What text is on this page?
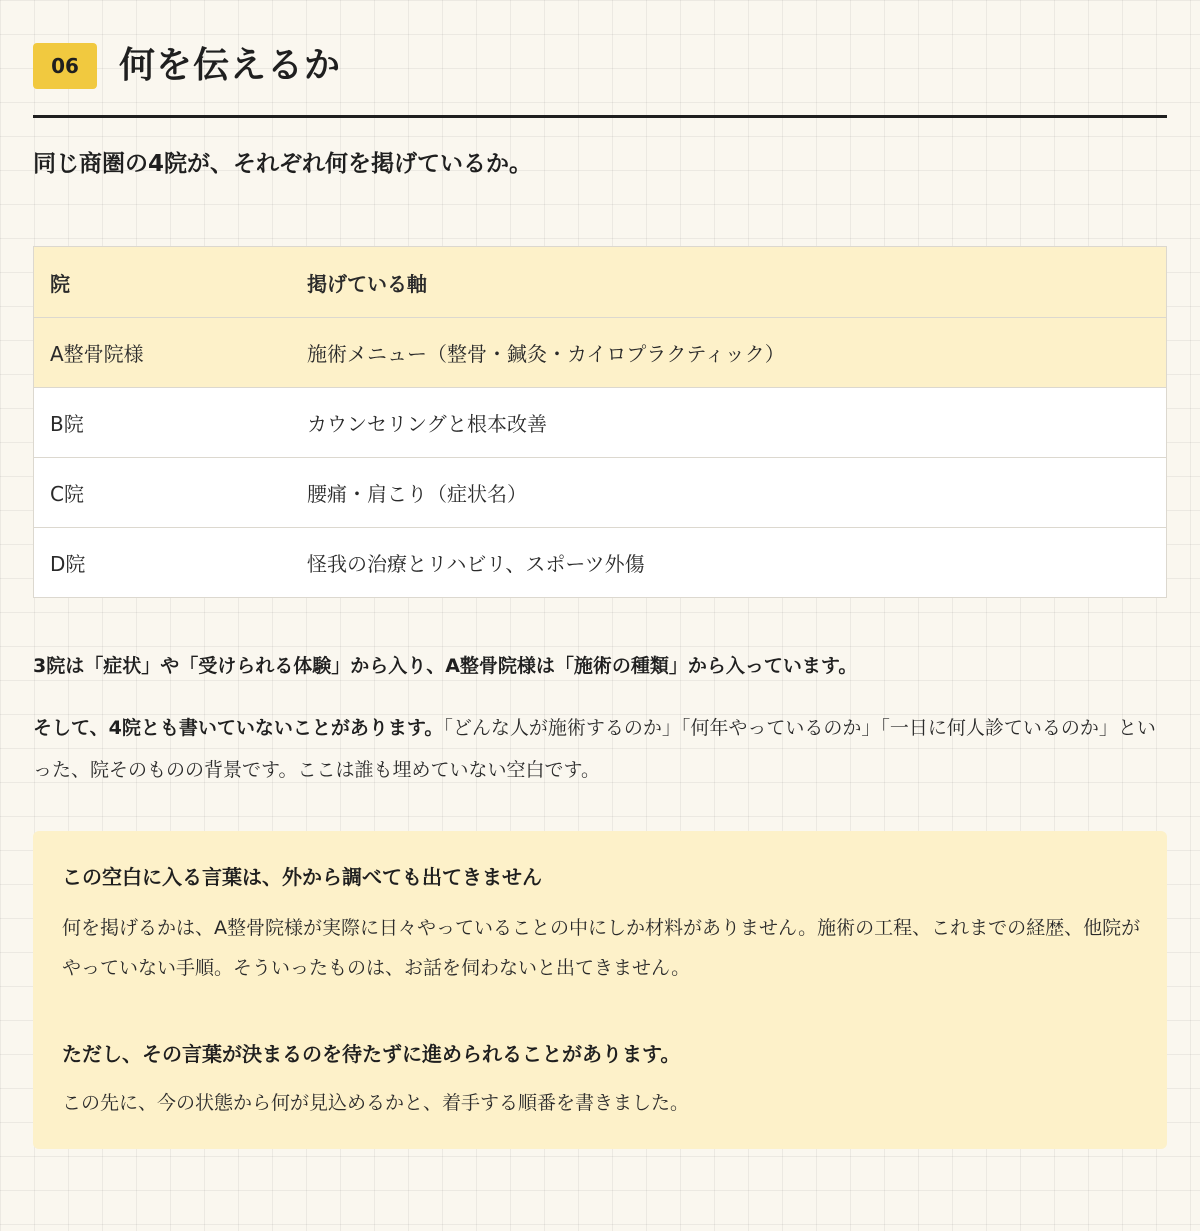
06	何を伝えるか
同じ商圏の4院が、それぞれ何を掲げているか。
院	掲げている軸
A整骨院様	施術メニュー（整骨・鍼灸・カイロプラクティック）
B院	カウンセリングと根本改善
C院	腰痛・肩こり（症状名）
D院	怪我の治療とリハビリ、スポーツ外傷
3院は「症状」や「受けられる体験」から入り、A整骨院様は「施術の種類」から入っています。
そして、4院とも書いていないことがあります。「どんな人が施術するのか」「何年やっているのか」「一日に何人診ているのか」といった、院そのものの背景です。ここは誰も埋めていない空白です。
この空白に入る言葉は、外から調べても出てきません
何を掲げるかは、A整骨院様が実際に日々やっていることの中にしか材料がありません。施術の工程、これまでの経歴、他院がやっていない手順。そういったものは、お話を伺わないと出てきません。
ただし、その言葉が決まるのを待たずに進められることがあります。
この先に、今の状態から何が見込めるかと、着手する順番を書きました。
